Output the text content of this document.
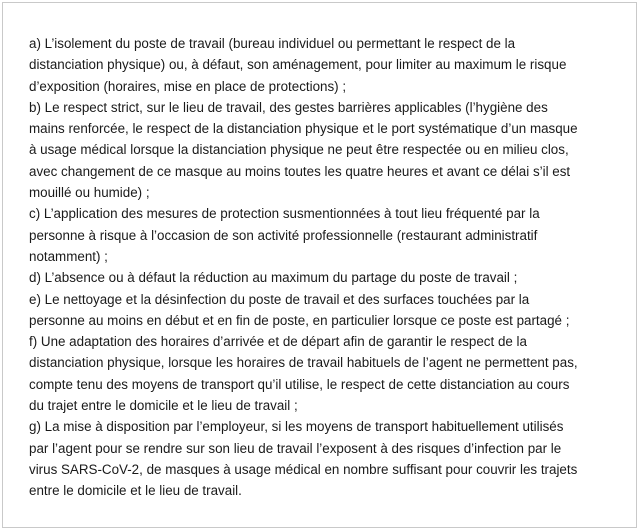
a) L’isolement du poste de travail (bureau individuel ou permettant le respect de la
distanciation physique) ou, à défaut, son aménagement, pour limiter au maximum le risque
d’exposition (horaires, mise en place de protections) ;
b) Le respect strict, sur le lieu de travail, des gestes barrières applicables (l’hygiène des
mains renforcée, le respect de la distanciation physique et le port systématique d’un masque
à usage médical lorsque la distanciation physique ne peut être respectée ou en milieu clos,
avec changement de ce masque au moins toutes les quatre heures et avant ce délai s’il est
mouillé ou humide) ;
c) L’application des mesures de protection susmentionnées à tout lieu fréquenté par la
personne à risque à l’occasion de son activité professionnelle (restaurant administratif
notamment) ;
d) L’absence ou à défaut la réduction au maximum du partage du poste de travail ;
e) Le nettoyage et la désinfection du poste de travail et des surfaces touchées par la
personne au moins en début et en fin de poste, en particulier lorsque ce poste est partagé ;
f) Une adaptation des horaires d’arrivée et de départ afin de garantir le respect de la
distanciation physique, lorsque les horaires de travail habituels de l’agent ne permettent pas,
compte tenu des moyens de transport qu’il utilise, le respect de cette distanciation au cours
du trajet entre le domicile et le lieu de travail ;
g) La mise à disposition par l’employeur, si les moyens de transport habituellement utilisés
par l’agent pour se rendre sur son lieu de travail l’exposent à des risques d’infection par le
virus SARS-CoV-2, de masques à usage médical en nombre suffisant pour couvrir les trajets
entre le domicile et le lieu de travail.
